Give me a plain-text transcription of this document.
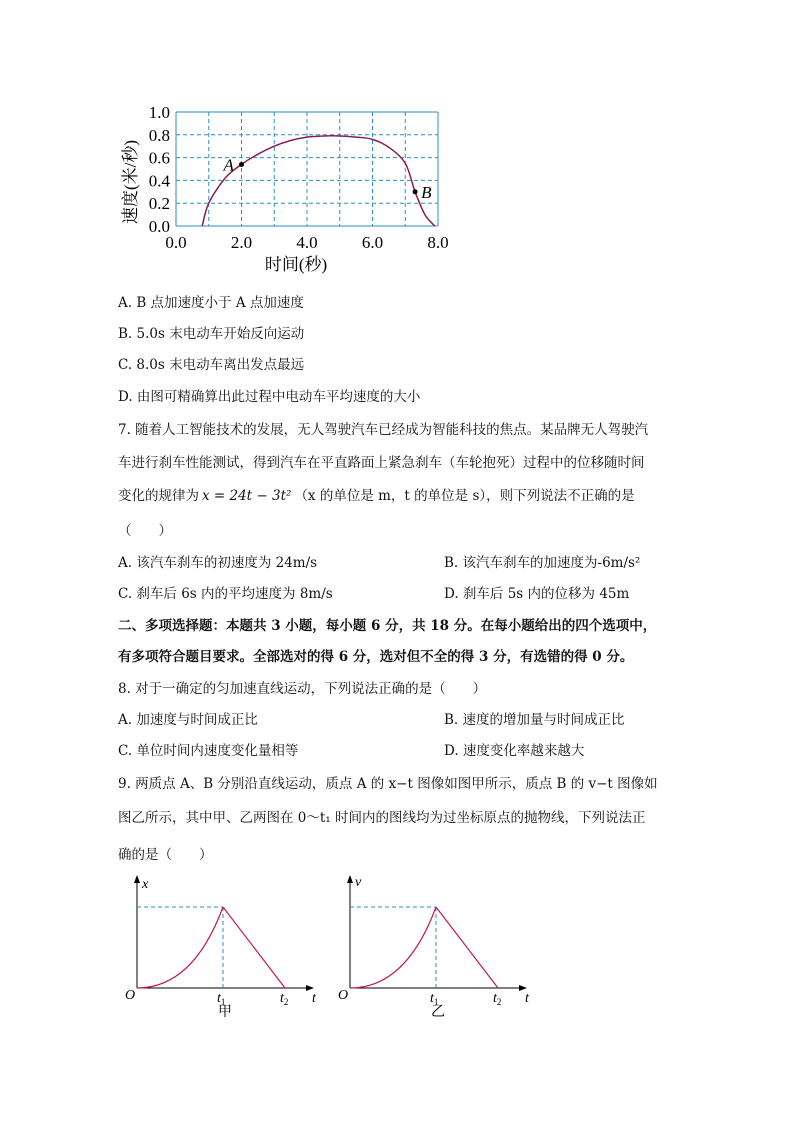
0.0
0.2
0.4
0.6
0.8
1.0
0.0	2.0	4.0	6.0	8.0
A
B
速度(米/秒)
时间(秒)
A. B 点加速度小于 A 点加速度
B. 5.0s 末电动车开始反向运动
C. 8.0s 末电动车离出发点最远
D. 由图可精确算出此过程中电动车平均速度的大小
7. 随着人工智能技术的发展，无人驾驶汽车已经成为智能科技的焦点。某品牌无人驾驶汽
车进行刹车性能测试，得到汽车在平直路面上紧急刹车（车轮抱死）过程中的位移随时间
变化的规律为 x = 24t − 3t² （x 的单位是 m，t 的单位是 s），则下列说法不正确的是
（　　）
A. 该汽车刹车的初速度为 24m/s	B. 该汽车刹车的加速度为-6m/s²
C. 刹车后 6s 内的平均速度为 8m/s	D. 刹车后 5s 内的位移为 45m
二、多项选择题：本题共 3 小题，每小题 6 分，共 18 分。在每小题给出的四个选项中，
有多项符合题目要求。全部选对的得 6 分，选对但不全的得 3 分，有选错的得 0 分。
8. 对于一确定的匀加速直线运动，下列说法正确的是（　　）
A. 加速度与时间成正比	B. 速度的增加量与时间成正比
C. 单位时间内速度变化量相等	D. 速度变化率越来越大
9. 两质点 A、B 分别沿直线运动，质点 A 的 x−t 图像如图甲所示，质点 B 的 v−t 图像如
图乙所示，其中甲、乙两图在 0～t₁ 时间内的图线均为过坐标原点的抛物线，下列说法正
确的是（　　）
x
O	$t_1$	$t_2$ t
甲
v
O	$t_1$	$t_2$ t
乙
